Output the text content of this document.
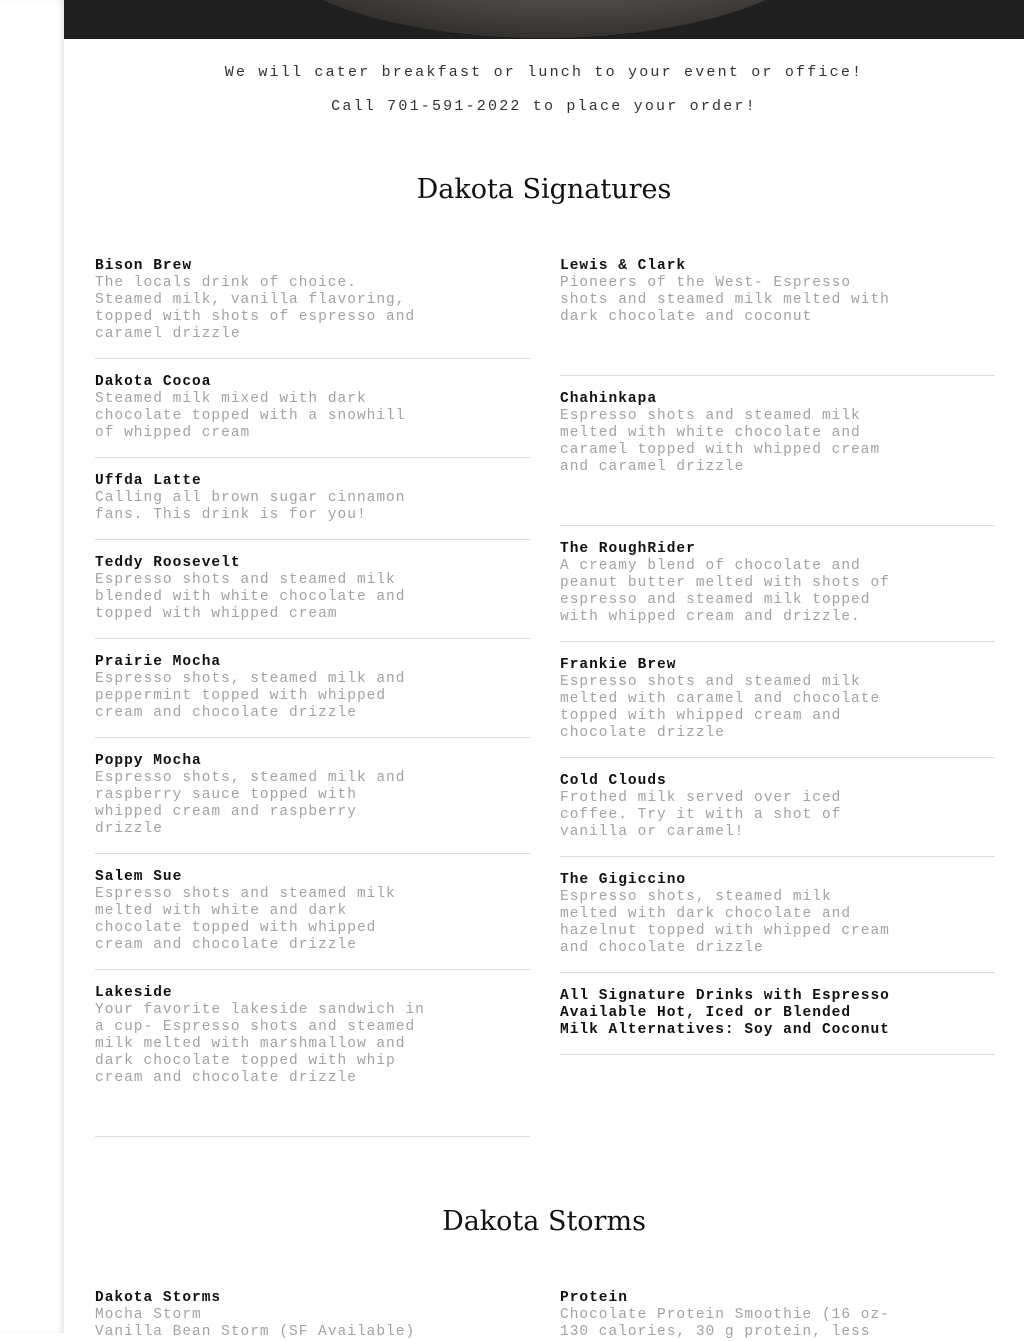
We will cater breakfast or lunch to your event or office!
Call 701-591-2022 to place your order!
Dakota Signatures
Bison Brew
The locals drink of choice.
Steamed milk, vanilla flavoring,
topped with shots of espresso and
caramel drizzle
Dakota Cocoa
Steamed milk mixed with dark
chocolate topped with a snowhill
of whipped cream
Uffda Latte
Calling all brown sugar cinnamon
fans. This drink is for you!
Teddy Roosevelt
Espresso shots and steamed milk
blended with white chocolate and
topped with whipped cream
Prairie Mocha
Espresso shots, steamed milk and
peppermint topped with whipped
cream and chocolate drizzle
Poppy Mocha
Espresso shots, steamed milk and
raspberry sauce topped with
whipped cream and raspberry
drizzle
Salem Sue
Espresso shots and steamed milk
melted with white and dark
chocolate topped with whipped
cream and chocolate drizzle
Lakeside
Your favorite lakeside sandwich in
a cup- Espresso shots and steamed
milk melted with marshmallow and
dark chocolate topped with whip
cream and chocolate drizzle
Lewis & Clark
Pioneers of the West- Espresso
shots and steamed milk melted with
dark chocolate and coconut
Chahinkapa
Espresso shots and steamed milk
melted with white chocolate and
caramel topped with whipped cream
and caramel drizzle
The RoughRider
A creamy blend of chocolate and
peanut butter melted with shots of
espresso and steamed milk topped
with whipped cream and drizzle.
Frankie Brew
Espresso shots and steamed milk
melted with caramel and chocolate
topped with whipped cream and
chocolate drizzle
Cold Clouds
Frothed milk served over iced
coffee. Try it with a shot of
vanilla or caramel!
The Gigiccino
Espresso shots, steamed milk
melted with dark chocolate and
hazelnut topped with whipped cream
and chocolate drizzle
All Signature Drinks with Espresso
Available Hot, Iced or Blended
Milk Alternatives: Soy and Coconut
Dakota Storms
Dakota Storms
Mocha Storm
Vanilla Bean Storm (SF Available)
Protein
Chocolate Protein Smoothie (16 oz-
130 calories, 30 g protein, less
